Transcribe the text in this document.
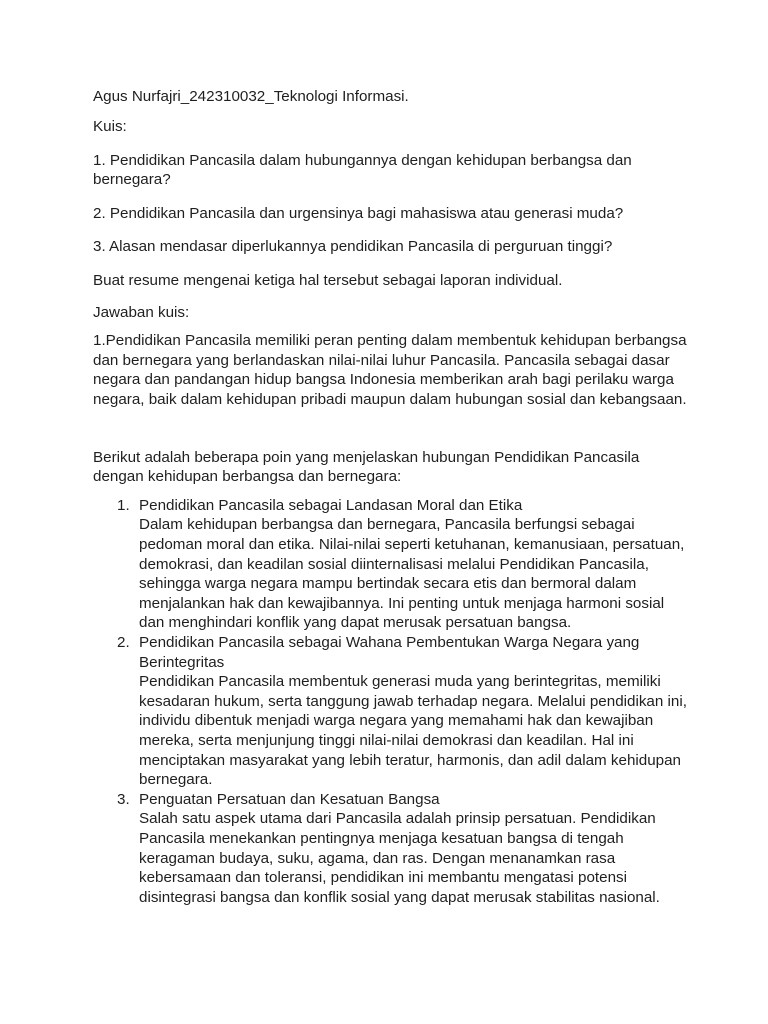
Agus Nurfajri_242310032_Teknologi Informasi.

Kuis:

1. Pendidikan Pancasila dalam hubungannya dengan kehidupan berbangsa dan bernegara?

2. Pendidikan Pancasila dan urgensinya bagi mahasiswa atau generasi muda?

3. Alasan mendasar diperlukannya pendidikan Pancasila di perguruan tinggi?

Buat resume mengenai ketiga hal tersebut sebagai laporan individual.

Jawaban kuis:

1.Pendidikan Pancasila memiliki peran penting dalam membentuk kehidupan berbangsa dan bernegara yang berlandaskan nilai-nilai luhur Pancasila. Pancasila sebagai dasar negara dan pandangan hidup bangsa Indonesia memberikan arah bagi perilaku warga negara, baik dalam kehidupan pribadi maupun dalam hubungan sosial dan kebangsaan.

Berikut adalah beberapa poin yang menjelaskan hubungan Pendidikan Pancasila dengan kehidupan berbangsa dan bernegara:

1. Pendidikan Pancasila sebagai Landasan Moral dan Etika
Dalam kehidupan berbangsa dan bernegara, Pancasila berfungsi sebagai pedoman moral dan etika. Nilai-nilai seperti ketuhanan, kemanusiaan, persatuan, demokrasi, dan keadilan sosial diinternalisasi melalui Pendidikan Pancasila, sehingga warga negara mampu bertindak secara etis dan bermoral dalam menjalankan hak dan kewajibannya. Ini penting untuk menjaga harmoni sosial dan menghindari konflik yang dapat merusak persatuan bangsa.
2. Pendidikan Pancasila sebagai Wahana Pembentukan Warga Negara yang Berintegritas
Pendidikan Pancasila membentuk generasi muda yang berintegritas, memiliki kesadaran hukum, serta tanggung jawab terhadap negara. Melalui pendidikan ini, individu dibentuk menjadi warga negara yang memahami hak dan kewajiban mereka, serta menjunjung tinggi nilai-nilai demokrasi dan keadilan. Hal ini menciptakan masyarakat yang lebih teratur, harmonis, dan adil dalam kehidupan bernegara.
3. Penguatan Persatuan dan Kesatuan Bangsa
Salah satu aspek utama dari Pancasila adalah prinsip persatuan. Pendidikan Pancasila menekankan pentingnya menjaga kesatuan bangsa di tengah keragaman budaya, suku, agama, dan ras. Dengan menanamkan rasa kebersamaan dan toleransi, pendidikan ini membantu mengatasi potensi disintegrasi bangsa dan konflik sosial yang dapat merusak stabilitas nasional.
